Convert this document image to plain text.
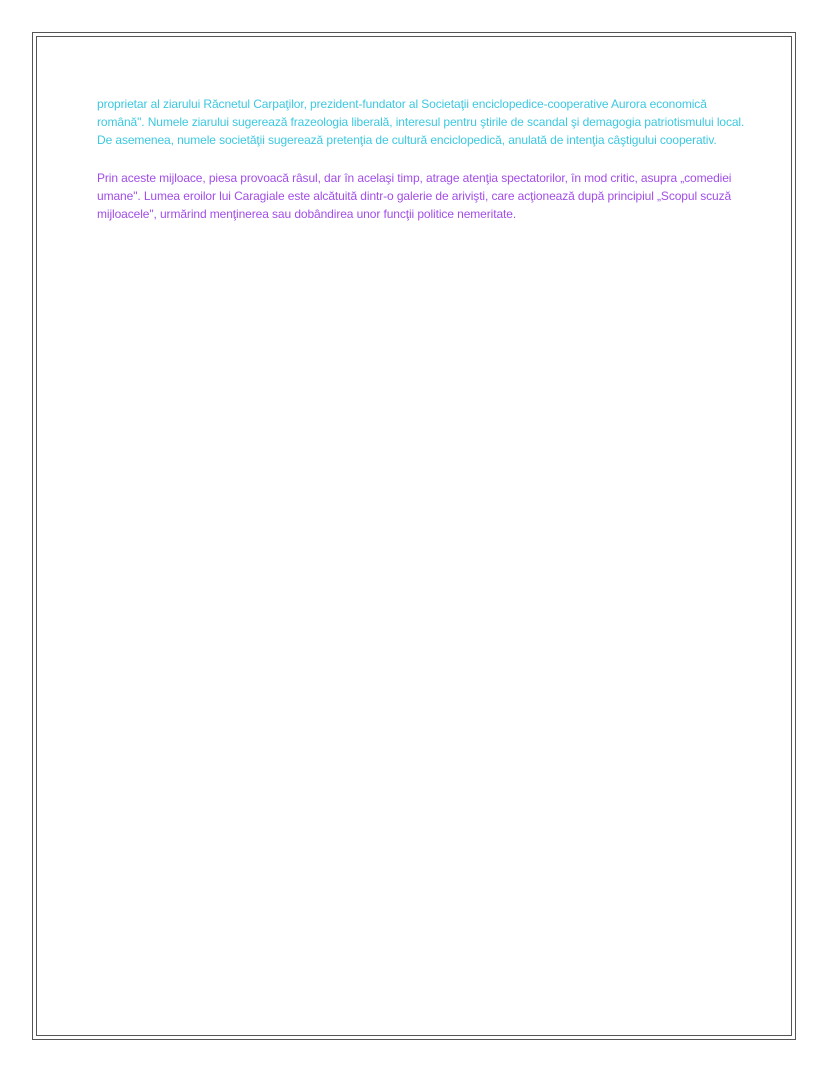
proprietar al ziarului Răcnetul Carpaţilor, prezident-fundator al Societaţii enciclopedice-cooperative Aurora economică română". Numele ziarului sugerează frazeologia liberală, interesul pentru ştirile de scandal şi demagogia patriotismului local. De asemenea, numele societăţii sugerează pretenţia de cultură enciclopedică, anulată de intenţia câştigului cooperativ.

Prin aceste mijloace, piesa provoacă râsul, dar în acelaşi timp, atrage atenţia spectatorilor, în mod critic, asupra „comediei umane". Lumea eroilor lui Caragiale este alcătuită dintr-o galerie de arivişti, care acţionează după principiul „Scopul scuză mijloacele", urmărind menţinerea sau dobândirea unor funcţii politice nemeritate.
